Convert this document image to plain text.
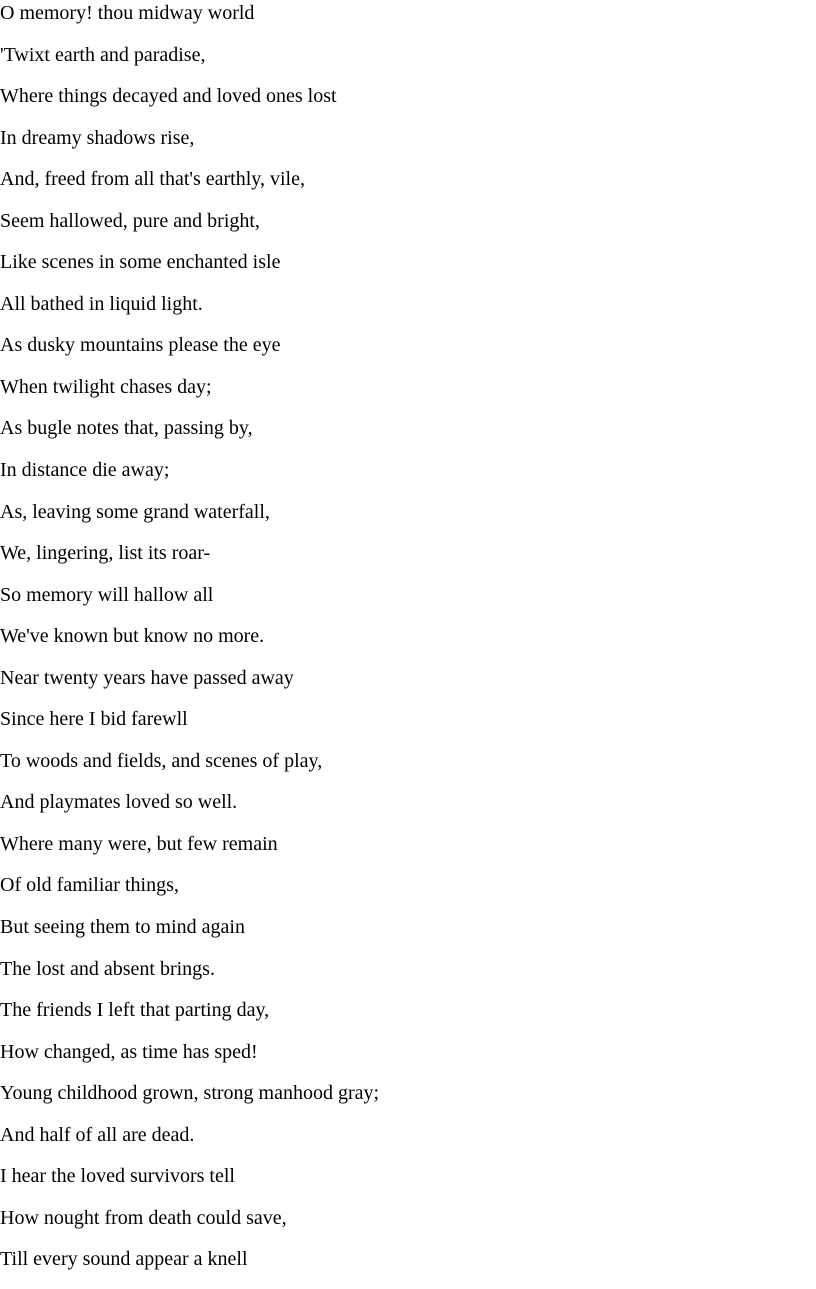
O memory! thou midway world

'Twixt earth and paradise,

Where things decayed and loved ones lost

In dreamy shadows rise,

And, freed from all that's earthly, vile,

Seem hallowed, pure and bright,

Like scenes in some enchanted isle

All bathed in liquid light.

As dusky mountains please the eye

When twilight chases day;

As bugle notes that, passing by,

In distance die away;

As, leaving some grand waterfall,

We, lingering, list its roar-

So memory will hallow all

We've known but know no more.

Near twenty years have passed away

Since here I bid farewll

To woods and fields, and scenes of play,

And playmates loved so well.

Where many were, but few remain

Of old familiar things,

But seeing them to mind again

The lost and absent brings.

The friends I left that parting day,

How changed, as time has sped!

Young childhood grown, strong manhood gray;

And half of all are dead.

I hear the loved survivors tell

How nought from death could save,

Till every sound appear a knell
